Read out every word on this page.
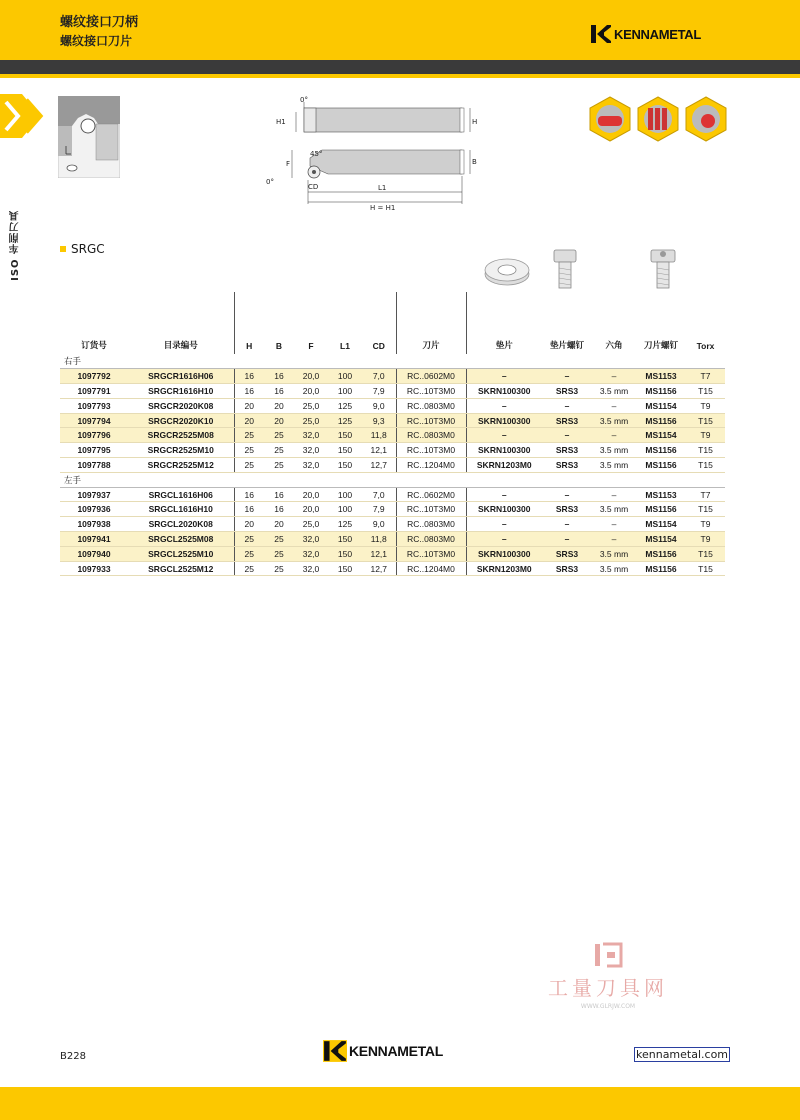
螺纹接口刀柄
螺纹接口刀片	KENNAMETAL
ISO 车削刀具
0°
H1	H
45°
F
0°
CD
B
L1
H = H1
SRGC
订货号	目录编号	H	B	F	L1	CD	刀片	垫片	垫片螺钉	六角	刀片螺钉	Torx
右手												
1097792	SRGCR1616H06	16	16	20,0	100	7,0	RC..0602M0	–	–	–	MS1153	T7
1097791	SRGCR1616H10	16	16	20,0	100	7,9	RC..10T3M0	SKRN100300	SRS3	3.5 mm	MS1156	T15
1097793	SRGCR2020K08	20	20	25,0	125	9,0	RC..0803M0	–	–	–	MS1154	T9
1097794	SRGCR2020K10	20	20	25,0	125	9,3	RC..10T3M0	SKRN100300	SRS3	3.5 mm	MS1156	T15
1097796	SRGCR2525M08	25	25	32,0	150	11,8	RC..0803M0	–	–	–	MS1154	T9
1097795	SRGCR2525M10	25	25	32,0	150	12,1	RC..10T3M0	SKRN100300	SRS3	3.5 mm	MS1156	T15
1097788	SRGCR2525M12	25	25	32,0	150	12,7	RC..1204M0	SKRN1203M0	SRS3	3.5 mm	MS1156	T15
左手												
1097937	SRGCL1616H06	16	16	20,0	100	7,0	RC..0602M0	–	–	–	MS1153	T7
1097936	SRGCL1616H10	16	16	20,0	100	7,9	RC..10T3M0	SKRN100300	SRS3	3.5 mm	MS1156	T15
1097938	SRGCL2020K08	20	20	25,0	125	9,0	RC..0803M0	–	–	–	MS1154	T9
1097941	SRGCL2525M08	25	25	32,0	150	11,8	RC..0803M0	–	–	–	MS1154	T9
1097940	SRGCL2525M10	25	25	32,0	150	12,1	RC..10T3M0	SKRN100300	SRS3	3.5 mm	MS1156	T15
1097933	SRGCL2525M12	25	25	32,0	150	12,7	RC..1204M0	SKRN1203M0	SRS3	3.5 mm	MS1156	T15
工量刀具网
WWW.GLRJW.COM
B228	KENNAMETAL	kennametal.com
